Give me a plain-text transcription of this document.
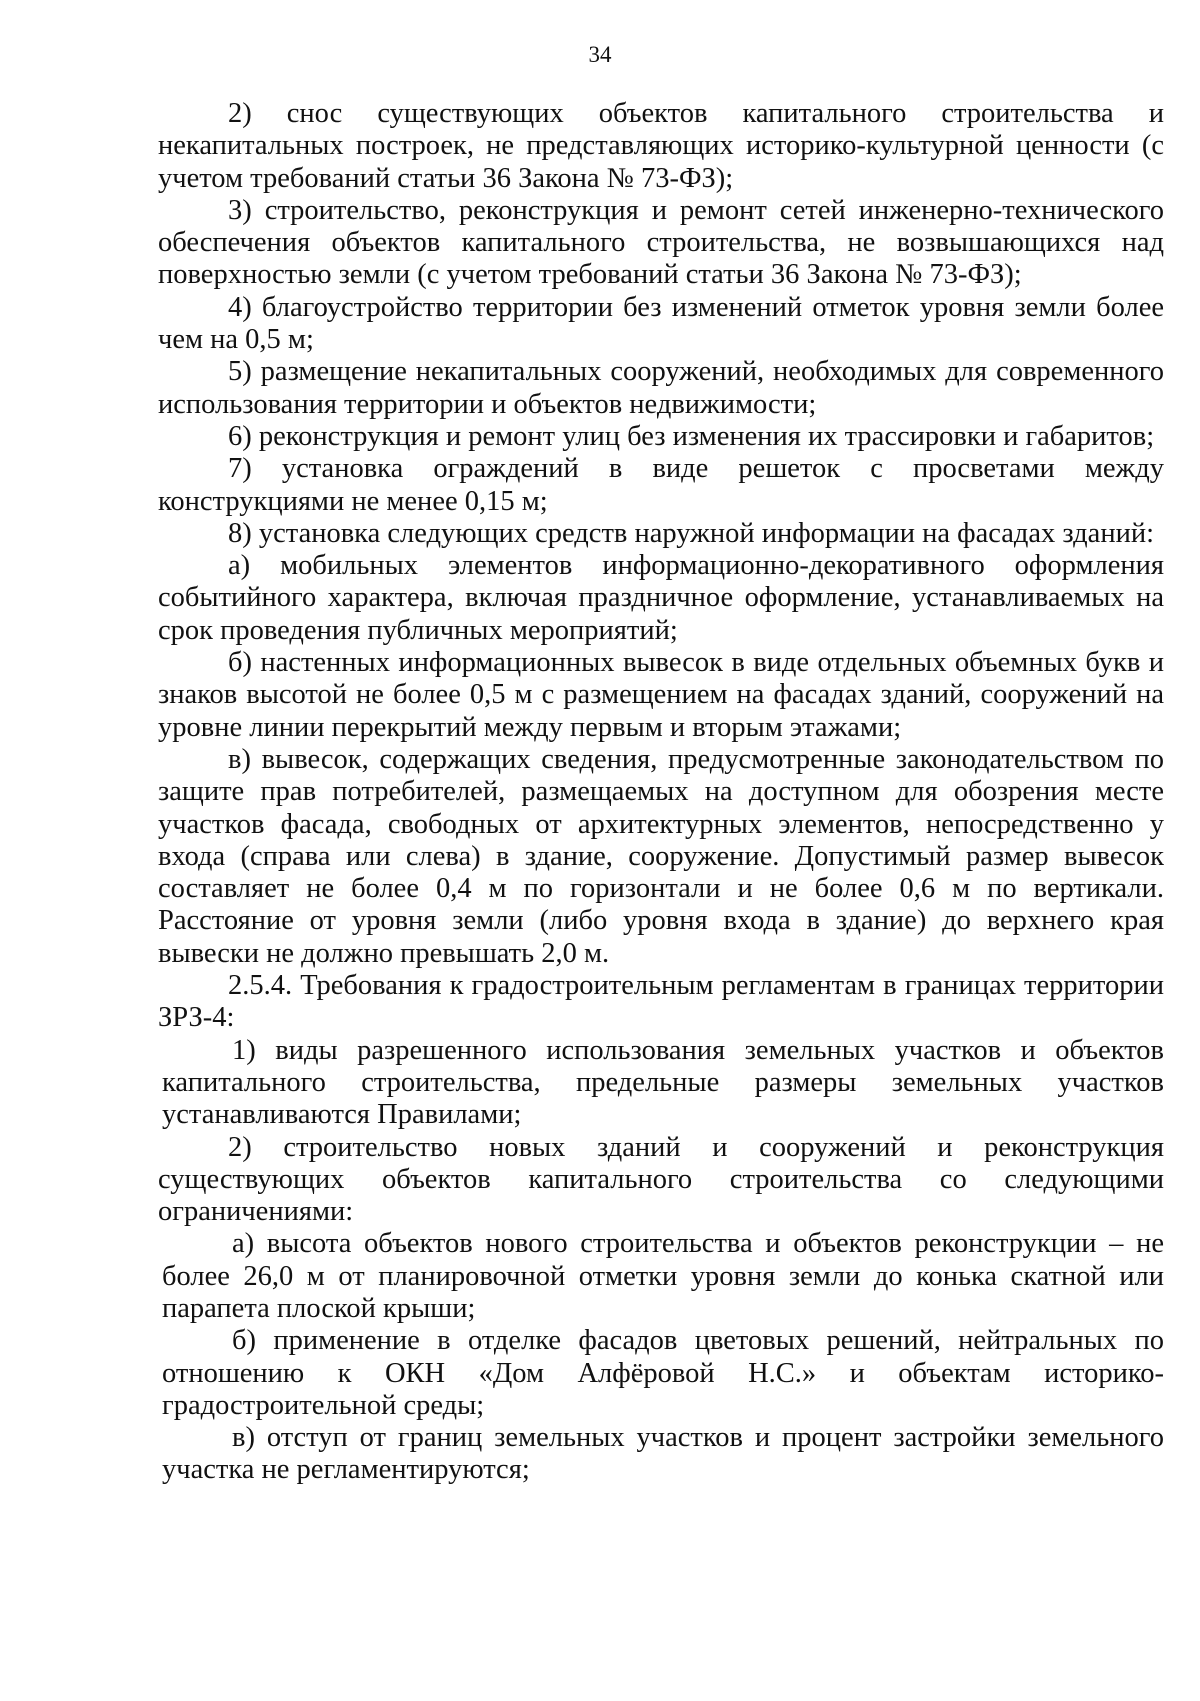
34

2) снос существующих объектов капитального строительства и некапитальных построек, не представляющих историко-культурной ценности (с учетом требований статьи 36 Закона № 73-ФЗ);

3) строительство, реконструкция и ремонт сетей инженерно-технического обеспечения объектов капитального строительства, не возвышающихся над поверхностью земли (с учетом требований статьи 36 Закона № 73-ФЗ);

4) благоустройство территории без изменений отметок уровня земли более чем на 0,5 м;

5) размещение некапитальных сооружений, необходимых для современного использования территории и объектов недвижимости;

6) реконструкция и ремонт улиц без изменения их трассировки и габаритов;

7) установка ограждений в виде решеток с просветами между конструкциями не менее 0,15 м;

8) установка следующих средств наружной информации на фасадах зданий:

а) мобильных элементов информационно-декоративного оформления событийного характера, включая праздничное оформление, устанавливаемых на срок проведения публичных мероприятий;

б) настенных информационных вывесок в виде отдельных объемных букв и знаков высотой не более 0,5 м с размещением на фасадах зданий, сооружений на уровне линии перекрытий между первым и вторым этажами;

в) вывесок, содержащих сведения, предусмотренные законодательством по защите прав потребителей, размещаемых на доступном для обозрения месте участков фасада, свободных от архитектурных элементов, непосредственно у входа (справа или слева) в здание, сооружение. Допустимый размер вывесок составляет не более 0,4 м по горизонтали и не более 0,6 м по вертикали. Расстояние от уровня земли (либо уровня входа в здание) до верхнего края вывески не должно превышать 2,0 м.

2.5.4. Требования к градостроительным регламентам в границах территории ЗРЗ-4:

1) виды разрешенного использования земельных участков и объектов капитального строительства, предельные размеры земельных участков устанавливаются Правилами;

2) строительство новых зданий и сооружений и реконструкция существующих объектов капитального строительства со следующими ограничениями:

а) высота объектов нового строительства и объектов реконструкции – не более 26,0 м от планировочной отметки уровня земли до конька скатной или парапета плоской крыши;

б) применение в отделке фасадов цветовых решений, нейтральных по отношению к ОКН «Дом Алфёровой Н.С.» и объектам историко-градостроительной среды;

в) отступ от границ земельных участков и процент застройки земельного участка не регламентируются;
